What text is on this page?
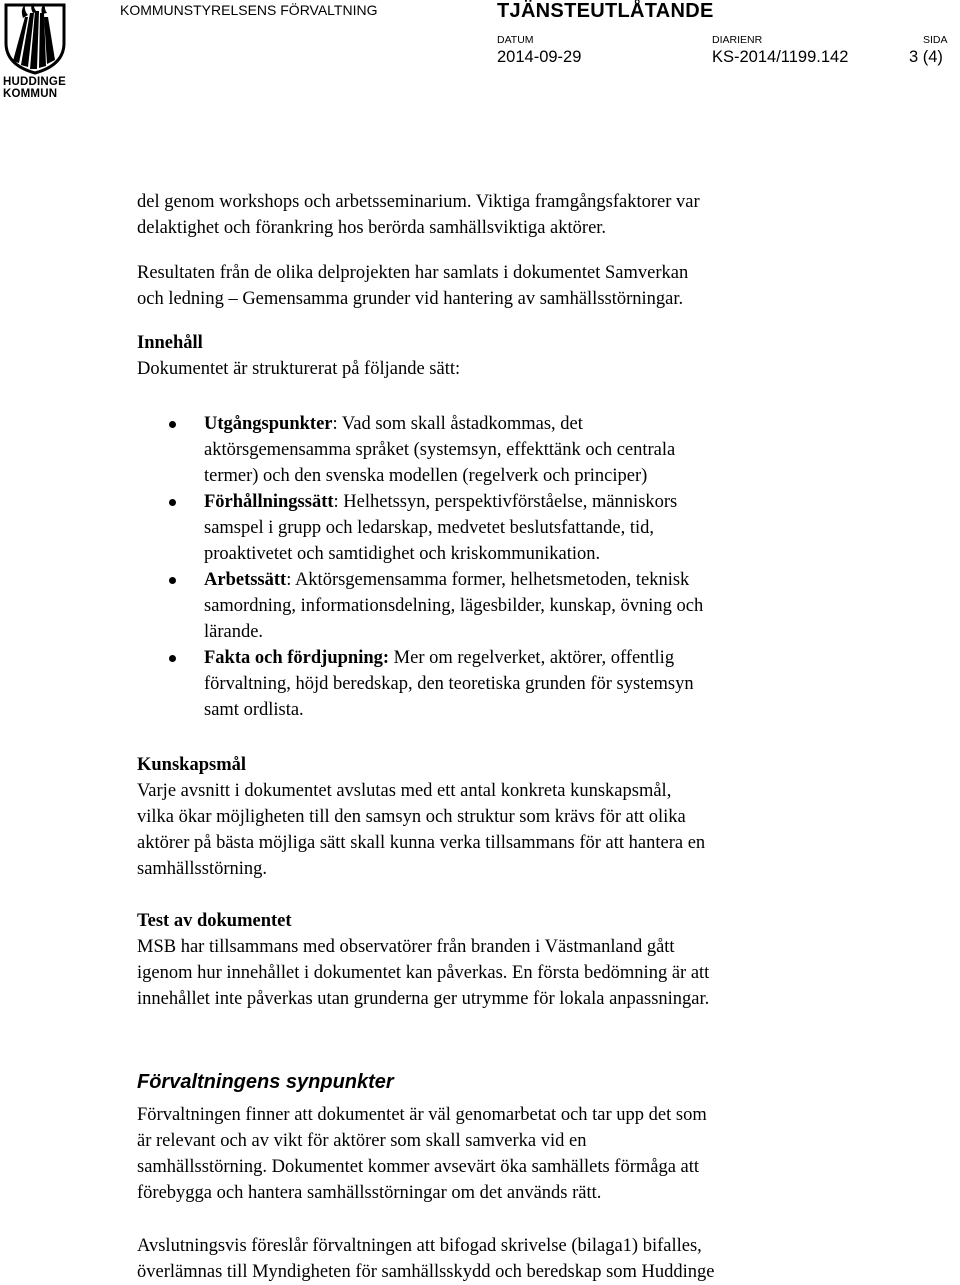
HUDDINGE
KOMMUN
KOMMUNSTYRELSENS FÖRVALTNING	TJÄNSTEUTLÅTANDE
DATUM
2014-09-29
DIARIENR
KS-2014/1199.142
SIDA
3 (4)

del genom workshops och arbetsseminarium. Viktiga framgångsfaktorer var

delaktighet och förankring hos berörda samhällsviktiga aktörer.

Resultaten från de olika delprojekten har samlats i dokumentet Samverkan

och ledning – Gemensamma grunder vid hantering av samhällsstörningar.

Innehåll

Dokumentet är strukturerat på följande sätt:

Utgångspunkter: Vad som skall åstadkommas, det
aktörsgemensamma språket (systemsyn, effekttänk och centrala
termer) och den svenska modellen (regelverk och principer)
Förhållningssätt: Helhetssyn, perspektivförståelse, människors
samspel i grupp och ledarskap, medvetet beslutsfattande, tid,
proaktivetet och samtidighet och kriskommunikation.
Arbetssätt: Aktörsgemensamma former, helhetsmetoden, teknisk
samordning, informationsdelning, lägesbilder, kunskap, övning och
lärande.
Fakta och fördjupning: Mer om regelverket, aktörer, offentlig
förvaltning, höjd beredskap, den teoretiska grunden för systemsyn
samt ordlista.

Kunskapsmål

Varje avsnitt i dokumentet avslutas med ett antal konkreta kunskapsmål,

vilka ökar möjligheten till den samsyn och struktur som krävs för att olika

aktörer på bästa möjliga sätt skall kunna verka tillsammans för att hantera en

samhällsstörning.

Test av dokumentet

MSB har tillsammans med observatörer från branden i Västmanland gått

igenom hur innehållet i dokumentet kan påverkas. En första bedömning är att

innehållet inte påverkas utan grunderna ger utrymme för lokala anpassningar.

Förvaltningens synpunkter

Förvaltningen finner att dokumentet är väl genomarbetat och tar upp det som

är relevant och av vikt för aktörer som skall samverka vid en

samhällsstörning. Dokumentet kommer avsevärt öka samhällets förmåga att

förebygga och hantera samhällsstörningar om det används rätt.

Avslutningsvis föreslår förvaltningen att bifogad skrivelse (bilaga1) bifalles,

överlämnas till Myndigheten för samhällsskydd och beredskap som Huddinge
